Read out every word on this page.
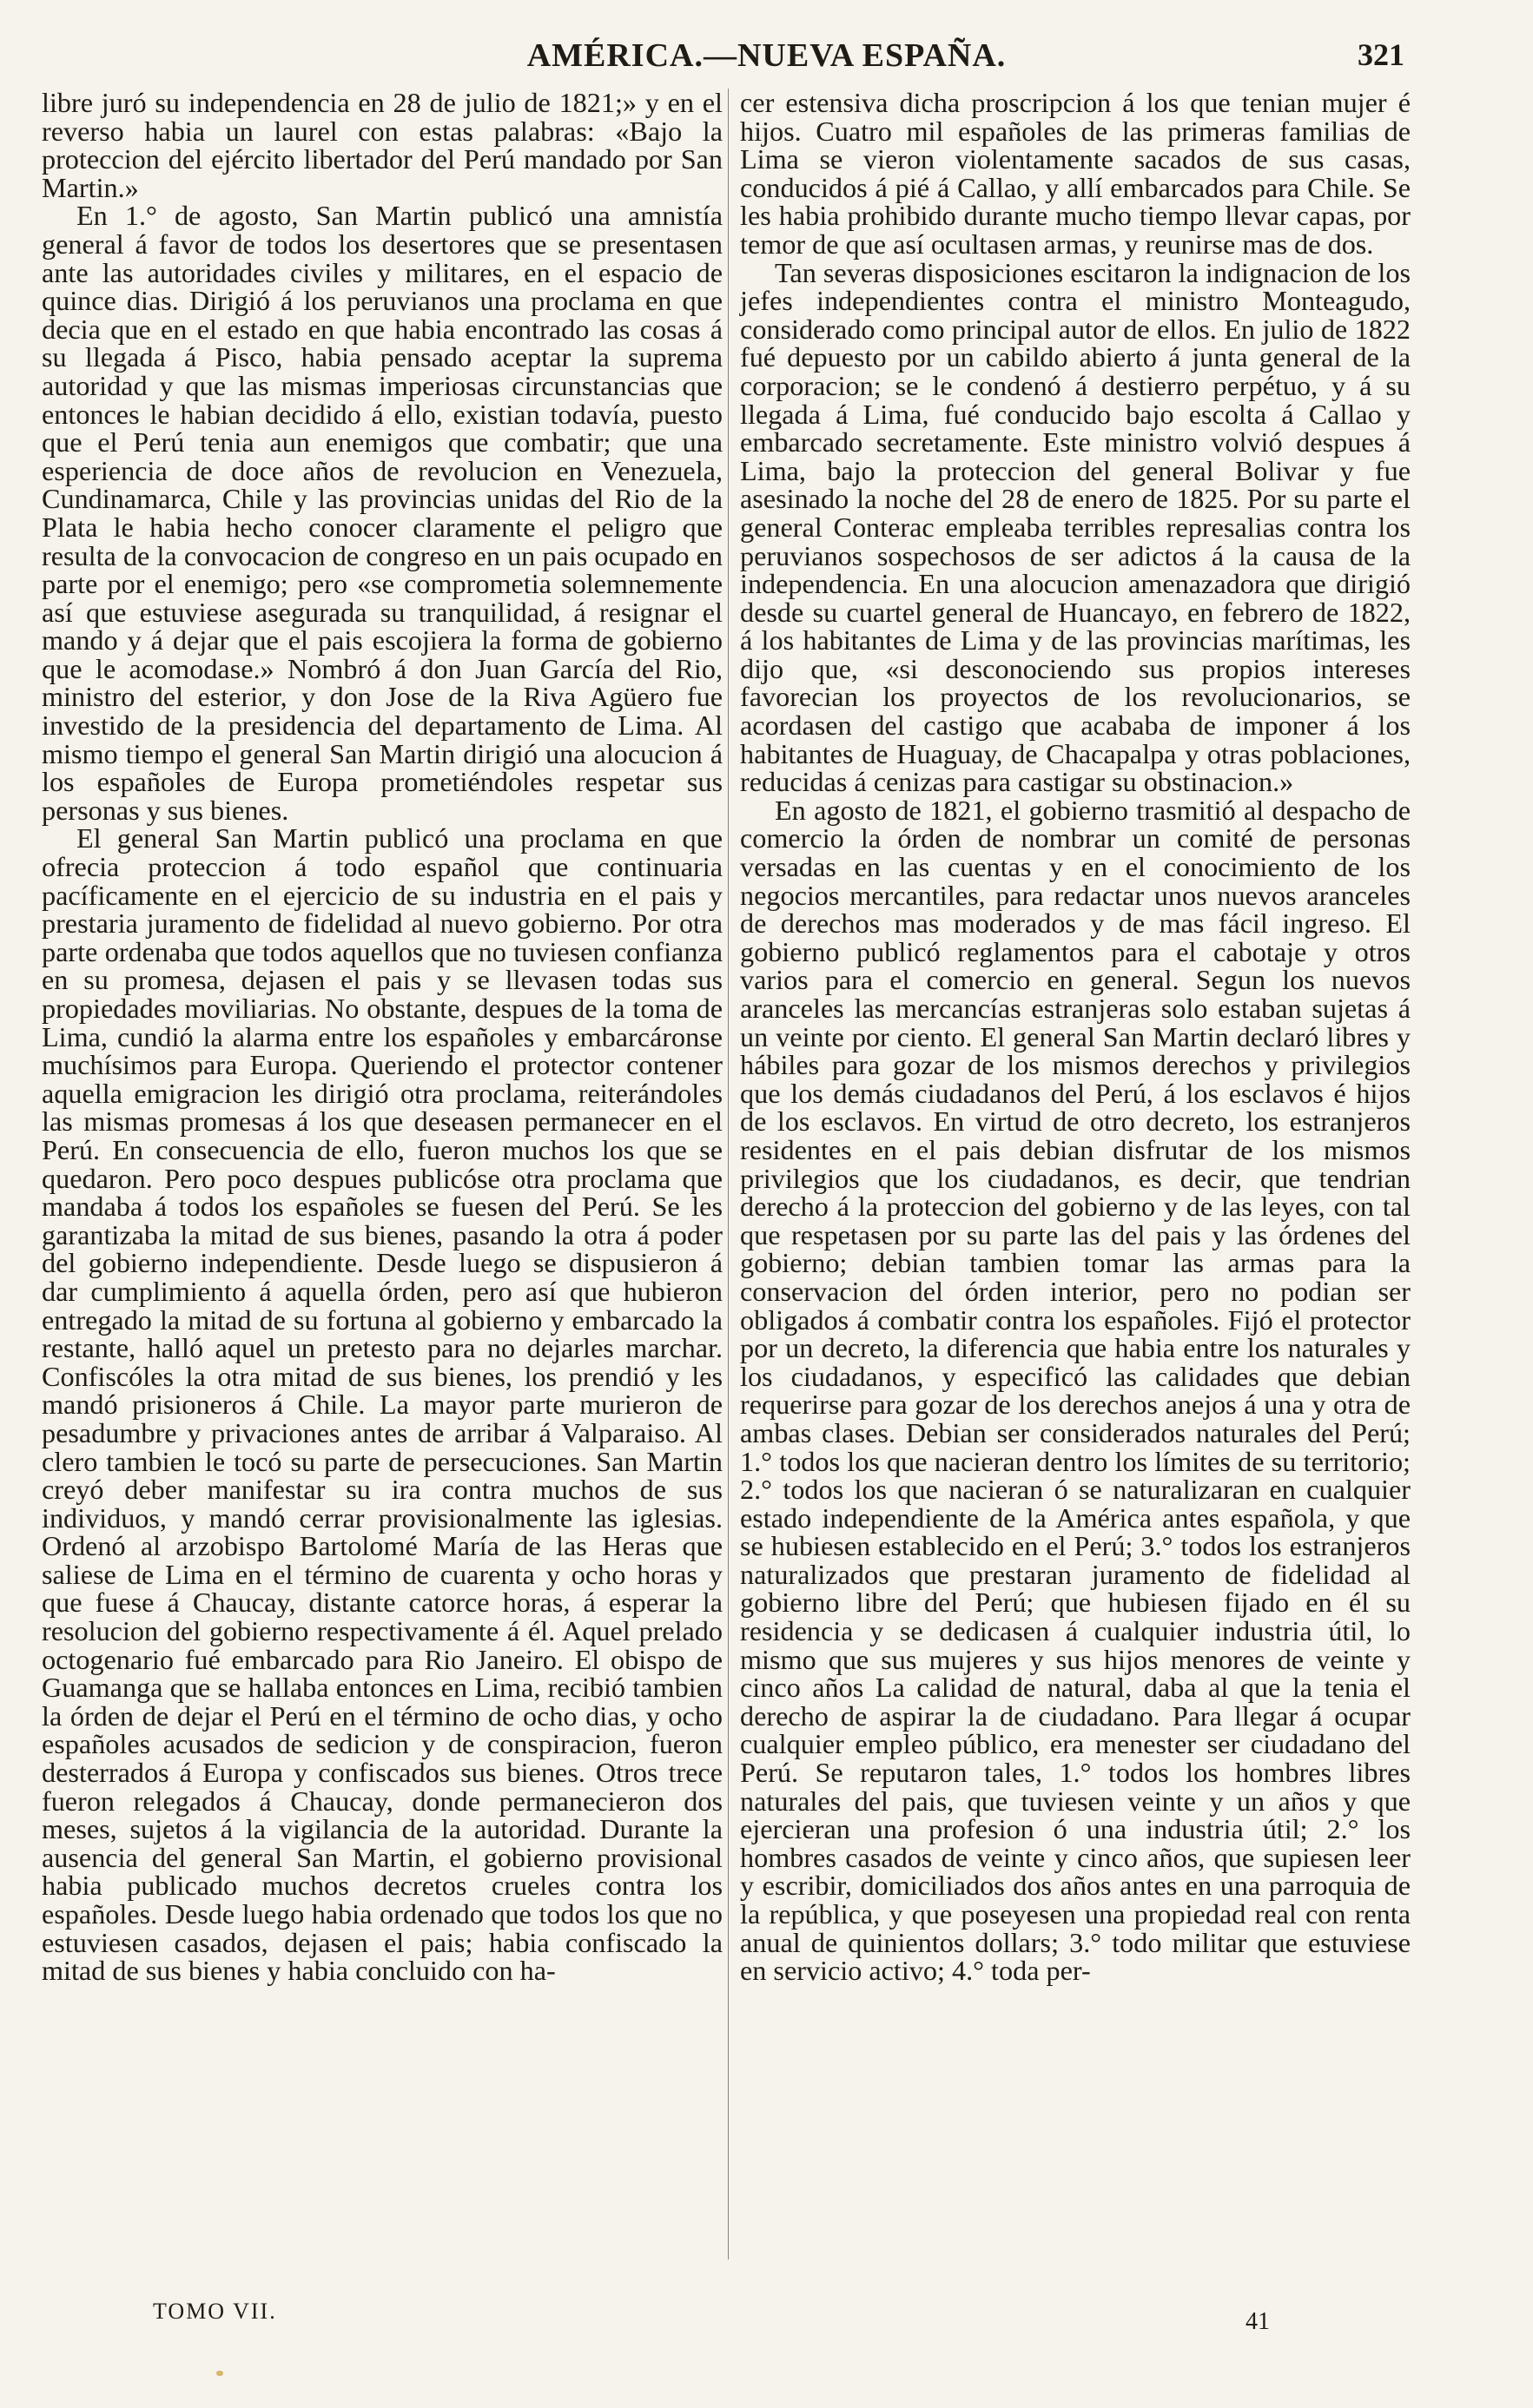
AMÉRICA.—NUEVA ESPAÑA.	321

libre juró su independencia en 28 de julio de 1821;» y en el reverso habia un laurel con estas palabras: «Bajo la proteccion del ejército libertador del Perú mandado por San Martin.»

En 1.° de agosto, San Martin publicó una amnistía general á favor de todos los desertores que se presentasen ante las autoridades civiles y militares, en el espacio de quince dias. Dirigió á los peruvianos una proclama en que decia que en el estado en que habia encontrado las cosas á su llegada á Pisco, habia pensado aceptar la suprema autoridad y que las mismas imperiosas circunstancias que entonces le habian decidido á ello, existian todavía, puesto que el Perú tenia aun enemigos que combatir; que una esperiencia de doce años de revolucion en Venezuela, Cundinamarca, Chile y las provincias unidas del Rio de la Plata le habia hecho conocer claramente el peligro que resulta de la convocacion de congreso en un pais ocupado en parte por el enemigo; pero «se comprometia solemnemente así que estuviese asegurada su tranquilidad, á resignar el mando y á dejar que el pais escojiera la forma de gobierno que le acomodase.» Nombró á don Juan García del Rio, ministro del esterior, y don Jose de la Riva Agüero fue investido de la presidencia del departamento de Lima. Al mismo tiempo el general San Martin dirigió una alocucion á los españoles de Europa prometiéndoles respetar sus personas y sus bienes.

El general San Martin publicó una proclama en que ofrecia proteccion á todo español que continuaria pacíficamente en el ejercicio de su industria en el pais y prestaria juramento de fidelidad al nuevo gobierno. Por otra parte ordenaba que todos aquellos que no tuviesen confianza en su promesa, dejasen el pais y se llevasen todas sus propiedades moviliarias. No obstante, despues de la toma de Lima, cundió la alarma entre los españoles y embarcáronse muchísimos para Europa. Queriendo el protector contener aquella emigracion les dirigió otra proclama, reiterándoles las mismas promesas á los que deseasen permanecer en el Perú. En consecuencia de ello, fueron muchos los que se quedaron. Pero poco despues publicóse otra proclama que mandaba á todos los españoles se fuesen del Perú. Se les garantizaba la mitad de sus bienes, pasando la otra á poder del gobierno independiente. Desde luego se dispusieron á dar cumplimiento á aquella órden, pero así que hubieron entregado la mitad de su fortuna al gobierno y embarcado la restante, halló aquel un pretesto para no dejarles marchar. Confiscóles la otra mitad de sus bienes, los prendió y les mandó prisioneros á Chile. La mayor parte murieron de pesadumbre y privaciones antes de arribar á Valparaiso. Al clero tambien le tocó su parte de persecuciones. San Martin creyó deber manifestar su ira contra muchos de sus individuos, y mandó cerrar provisionalmente las iglesias. Ordenó al arzobispo Bartolomé María de las Heras que saliese de Lima en el término de cuarenta y ocho horas y que fuese á Chaucay, distante catorce horas, á esperar la resolucion del gobierno respectivamente á él. Aquel prelado octogenario fué embarcado para Rio Janeiro. El obispo de Guamanga que se hallaba entonces en Lima, recibió tambien la órden de dejar el Perú en el término de ocho dias, y ocho españoles acusados de sedicion y de conspiracion, fueron desterrados á Europa y confiscados sus bienes. Otros trece fueron relegados á Chaucay, donde permanecieron dos meses, sujetos á la vigilancia de la autoridad. Durante la ausencia del general San Martin, el gobierno provisional habia publicado muchos decretos crueles contra los españoles. Desde luego habia ordenado que todos los que no estuviesen casados, dejasen el pais; habia confiscado la mitad de sus bienes y habia concluido con ha-

cer estensiva dicha proscripcion á los que tenian mujer é hijos. Cuatro mil españoles de las primeras familias de Lima se vieron violentamente sacados de sus casas, conducidos á pié á Callao, y allí embarcados para Chile. Se les habia prohibido durante mucho tiempo llevar capas, por temor de que así ocultasen armas, y reunirse mas de dos.

Tan severas disposiciones escitaron la indignacion de los jefes independientes contra el ministro Monteagudo, considerado como principal autor de ellos. En julio de 1822 fué depuesto por un cabildo abierto á junta general de la corporacion; se le condenó á destierro perpétuo, y á su llegada á Lima, fué conducido bajo escolta á Callao y embarcado secretamente. Este ministro volvió despues á Lima, bajo la proteccion del general Bolivar y fue asesinado la noche del 28 de enero de 1825. Por su parte el general Conterac empleaba terribles represalias contra los peruvianos sospechosos de ser adictos á la causa de la independencia. En una alocucion amenazadora que dirigió desde su cuartel general de Huancayo, en febrero de 1822, á los habitantes de Lima y de las provincias marítimas, les dijo que, «si desconociendo sus propios intereses favorecian los proyectos de los revolucionarios, se acordasen del castigo que acababa de imponer á los habitantes de Huaguay, de Chacapalpa y otras poblaciones, reducidas á cenizas para castigar su obstinacion.»

En agosto de 1821, el gobierno trasmitió al despacho de comercio la órden de nombrar un comité de personas versadas en las cuentas y en el conocimiento de los negocios mercantiles, para redactar unos nuevos aranceles de derechos mas moderados y de mas fácil ingreso. El gobierno publicó reglamentos para el cabotaje y otros varios para el comercio en general. Segun los nuevos aranceles las mercancías estranjeras solo estaban sujetas á un veinte por ciento. El general San Martin declaró libres y hábiles para gozar de los mismos derechos y privilegios que los demás ciudadanos del Perú, á los esclavos é hijos de los esclavos. En virtud de otro decreto, los estranjeros residentes en el pais debian disfrutar de los mismos privilegios que los ciudadanos, es decir, que tendrian derecho á la proteccion del gobierno y de las leyes, con tal que respetasen por su parte las del pais y las órdenes del gobierno; debian tambien tomar las armas para la conservacion del órden interior, pero no podian ser obligados á combatir contra los españoles. Fijó el protector por un decreto, la diferencia que habia entre los naturales y los ciudadanos, y especificó las calidades que debian requerirse para gozar de los derechos anejos á una y otra de ambas clases. Debian ser considerados naturales del Perú; 1.° todos los que nacieran dentro los límites de su territorio; 2.° todos los que nacieran ó se naturalizaran en cualquier estado independiente de la América antes española, y que se hubiesen establecido en el Perú; 3.° todos los estranjeros naturalizados que prestaran juramento de fidelidad al gobierno libre del Perú; que hubiesen fijado en él su residencia y se dedicasen á cualquier industria útil, lo mismo que sus mujeres y sus hijos menores de veinte y cinco años La calidad de natural, daba al que la tenia el derecho de aspirar la de ciudadano. Para llegar á ocupar cualquier empleo público, era menester ser ciudadano del Perú. Se reputaron tales, 1.° todos los hombres libres naturales del pais, que tuviesen veinte y un años y que ejercieran una profesion ó una industria útil; 2.° los hombres casados de veinte y cinco años, que supiesen leer y escribir, domiciliados dos años antes en una parroquia de la república, y que poseyesen una propiedad real con renta anual de quinientos dollars; 3.° todo militar que estuviese en servicio activo; 4.° toda per-

TOMO VII.	41
